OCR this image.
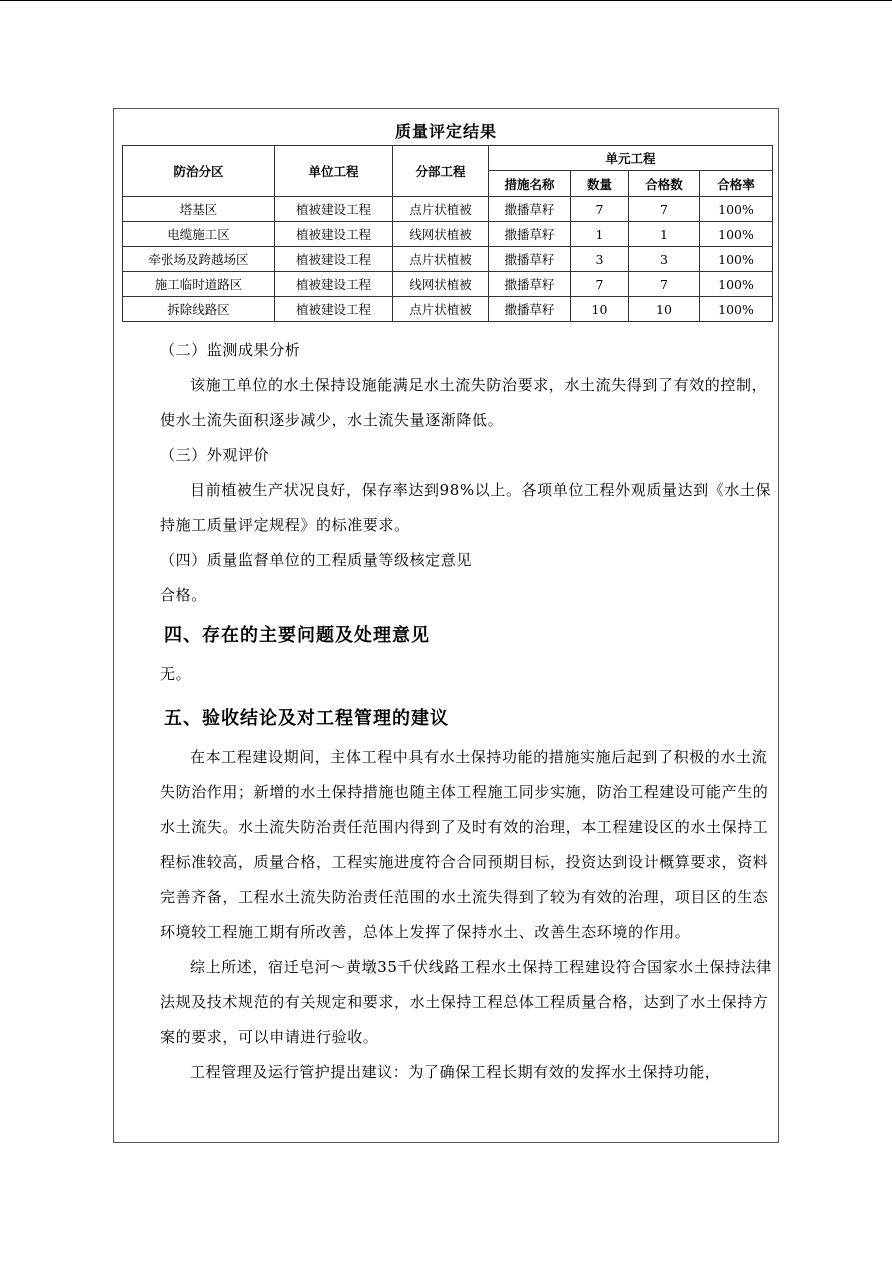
质量评定结果
防治分区	单位工程	分部工程	单元工程			
			措施名称	数量	合格数	合格率
塔基区	植被建设工程	点片状植被	撒播草籽	7	7	100%
电缆施工区	植被建设工程	线网状植被	撒播草籽	1	1	100%
牵张场及跨越场区	植被建设工程	点片状植被	撒播草籽	3	3	100%
施工临时道路区	植被建设工程	线网状植被	撒播草籽	7	7	100%
拆除线路区	植被建设工程	点片状植被	撒播草籽	10	10	100%

（二）监测成果分析

该施工单位的水土保持设施能满足水土流失防治要求，水土流失得到了有效的控制，使水土流失面积逐步减少，水土流失量逐渐降低。

（三）外观评价

目前植被生产状况良好，保存率达到98%以上。各项单位工程外观质量达到《水土保持施工质量评定规程》的标准要求。

（四）质量监督单位的工程质量等级核定意见

合格。

四、存在的主要问题及处理意见

无。

五、验收结论及对工程管理的建议

在本工程建设期间，主体工程中具有水土保持功能的措施实施后起到了积极的水土流失防治作用；新增的水土保持措施也随主体工程施工同步实施，防治工程建设可能产生的水土流失。水土流失防治责任范围内得到了及时有效的治理，本工程建设区的水土保持工程标准较高，质量合格，工程实施进度符合合同预期目标，投资达到设计概算要求，资料完善齐备，工程水土流失防治责任范围的水土流失得到了较为有效的治理，项目区的生态环境较工程施工期有所改善，总体上发挥了保持水土、改善生态环境的作用。

综上所述，宿迁皂河～黄墩35千伏线路工程水土保持工程建设符合国家水土保持法律法规及技术规范的有关规定和要求，水土保持工程总体工程质量合格，达到了水土保持方案的要求，可以申请进行验收。

工程管理及运行管护提出建议：为了确保工程长期有效的发挥水土保持功能，
